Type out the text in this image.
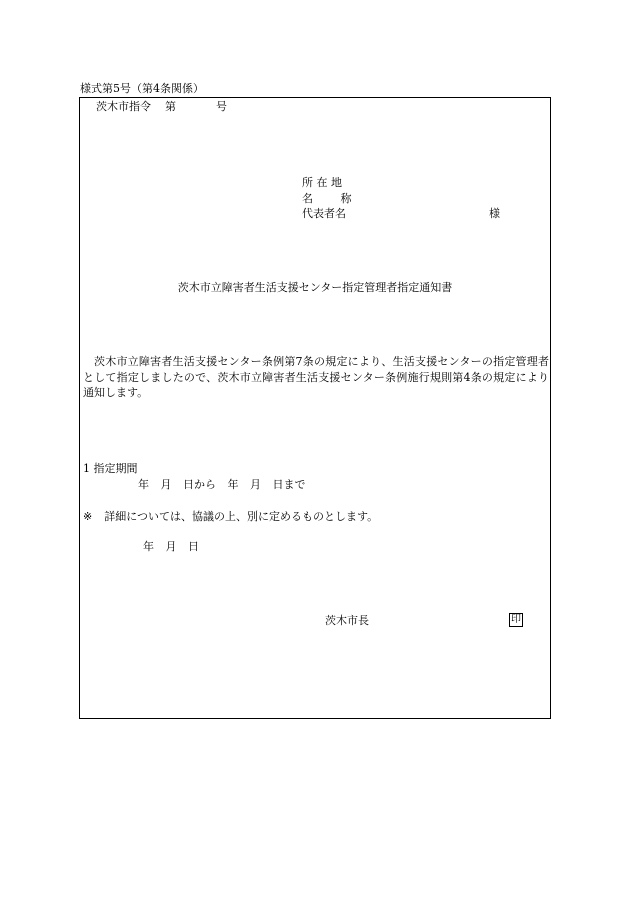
様式第5号（第4条関係）
茨木市指令 第	号
所 在 地
名 称
代表者名	様
茨木市立障害者生活支援センター指定管理者指定通知書
茨木市立障害者生活支援センター条例第7条の規定により、生活支援センターの指定管理者として指定しましたので、茨木市立障害者生活支援センター条例施行規則第4条の規定により通知します。
1 指定期間
年 月 日から 年 月 日まで
※ 詳細については、協議の上、別に定めるものとします。
年 月 日
茨木市長	印
